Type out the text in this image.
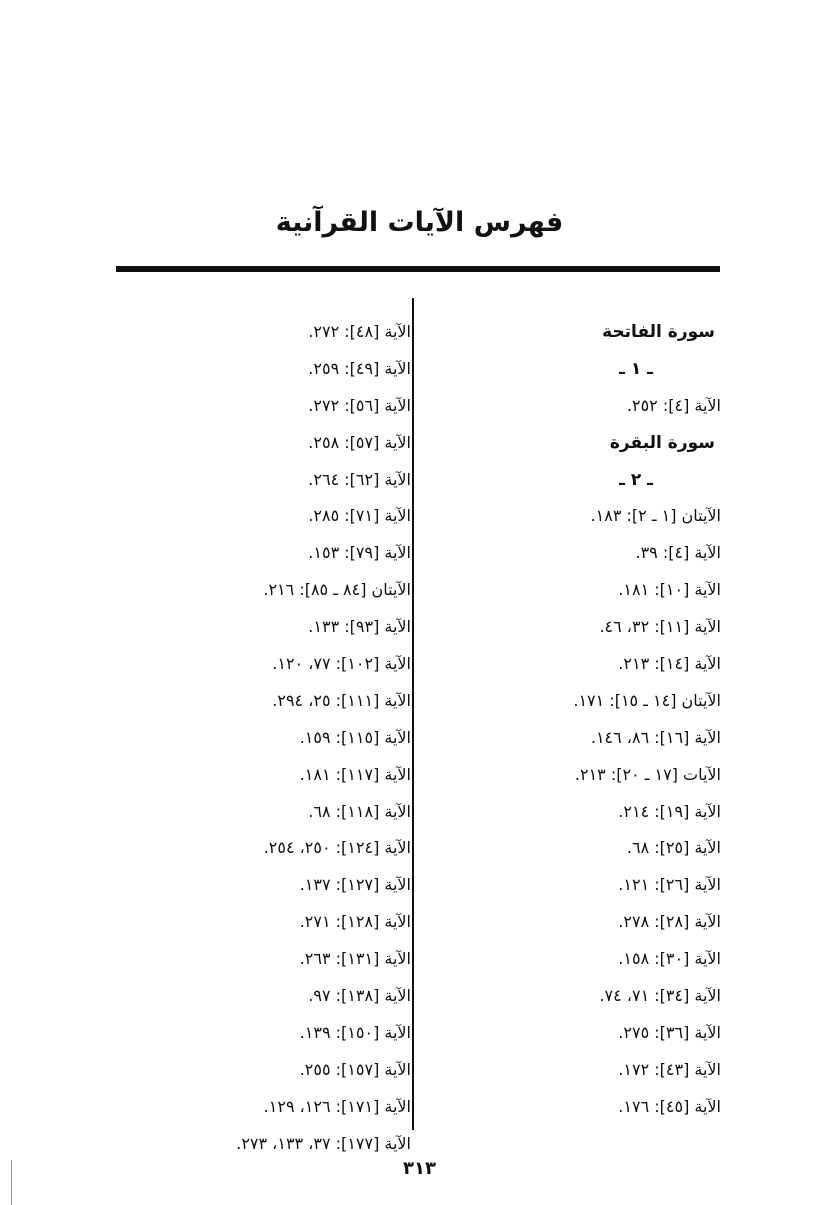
فهرس الآيات القرآنية
سورة الفاتحة
ـ ١ ـ
الآية [٤]: ٢٥٢.
سورة البقرة
ـ ٢ ـ
الآيتان [١ ـ ٢]: ١٨٣.
الآية [٤]: ٣٩.
الآية [١٠]: ١٨١.
الآية [١١]: ٣٢، ٤٦.
الآية [١٤]: ٢١٣.
الآيتان [١٤ ـ ١٥]: ١٧١.
الآية [١٦]: ٨٦، ١٤٦.
الآيات [١٧ ـ ٢٠]: ٢١٣.
الآية [١٩]: ٢١٤.
الآية [٢٥]: ٦٨.
الآية [٢٦]: ١٢١.
الآية [٢٨]: ٢٧٨.
الآية [٣٠]: ١٥٨.
الآية [٣٤]: ٧١، ٧٤.
الآية [٣٦]: ٢٧٥.
الآية [٤٣]: ١٧٢.
الآية [٤٥]: ١٧٦.
الآية [٤٨]: ٢٧٢.
الآية [٤٩]: ٢٥٩.
الآية [٥٦]: ٢٧٢.
الآية [٥٧]: ٢٥٨.
الآية [٦٢]: ٢٦٤.
الآية [٧١]: ٢٨٥.
الآية [٧٩]: ١٥٣.
الآيتان [٨٤ ـ ٨٥]: ٢١٦.
الآية [٩٣]: ١٣٣.
الآية [١٠٢]: ٧٧، ١٢٠.
الآية [١١١]: ٢٥، ٢٩٤.
الآية [١١٥]: ١٥٩.
الآية [١١٧]: ١٨١.
الآية [١١٨]: ٦٨.
الآية [١٢٤]: ٢٥٠، ٢٥٤.
الآية [١٢٧]: ١٣٧.
الآية [١٢٨]: ٢٧١.
الآية [١٣١]: ٢٦٣.
الآية [١٣٨]: ٩٧.
الآية [١٥٠]: ١٣٩.
الآية [١٥٧]: ٢٥٥.
الآية [١٧١]: ١٢٦، ١٢٩.
الآية [١٧٧]: ٣٧، ١٣٣، ٢٧٣.
٣١٣
